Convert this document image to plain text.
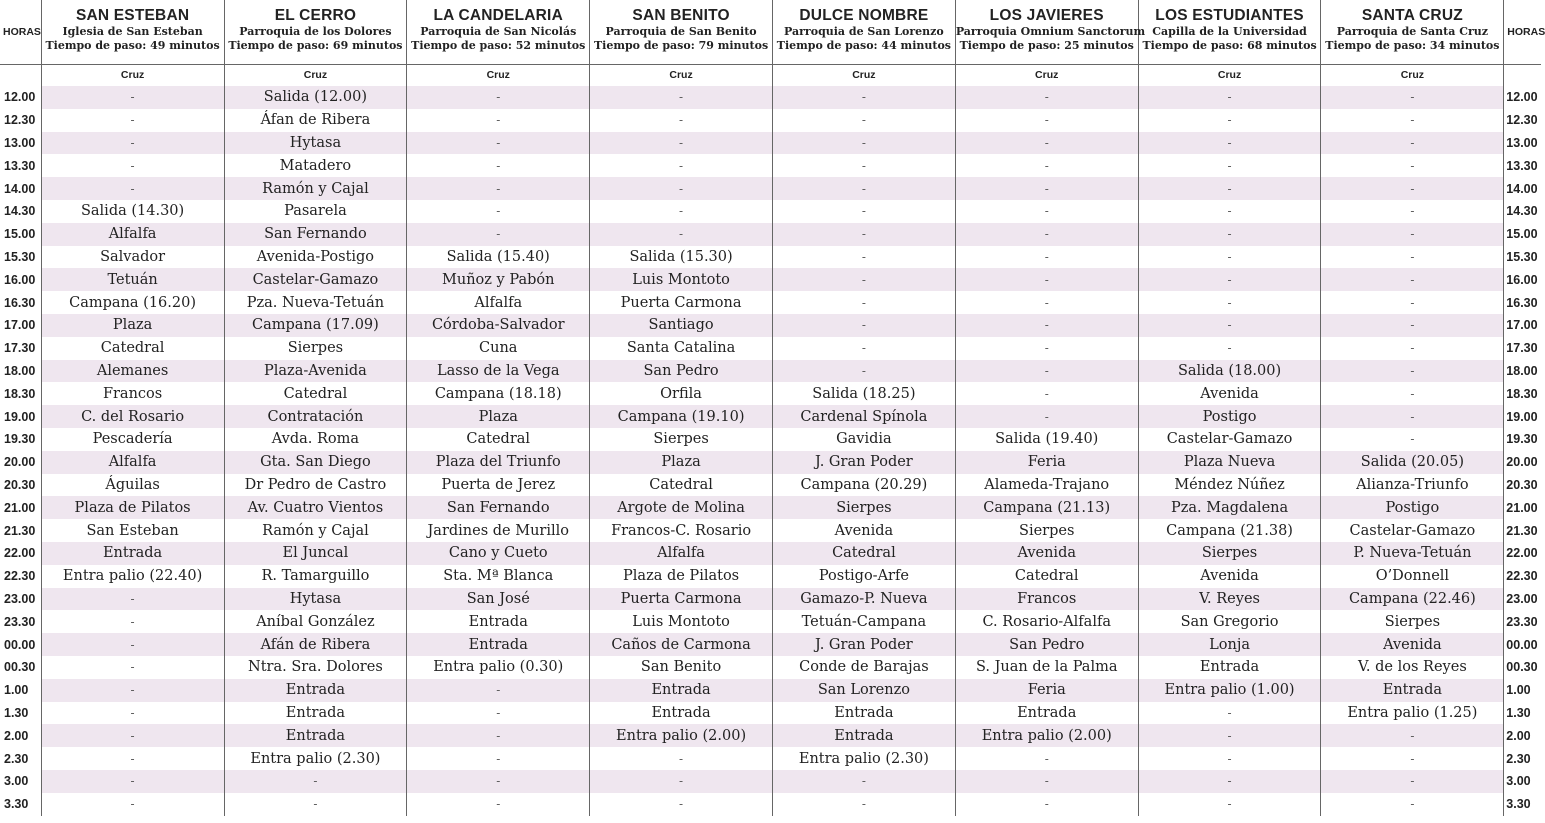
HORAS	SAN ESTEBAN
Iglesia de San Esteban
Tiempo de paso: 49 minutos	EL CERRO
Parroquia de los Dolores
Tiempo de paso: 69 minutos	LA CANDELARIA
Parroquia de San Nicolás
Tiempo de paso: 52 minutos	SAN BENITO
Parroquia de San Benito
Tiempo de paso: 79 minutos	DULCE NOMBRE
Parroquia de San Lorenzo
Tiempo de paso: 44 minutos	LOS JAVIERES
Parroquia Omnium Sanctorum
Tiempo de paso: 25 minutos	LOS ESTUDIANTES
Capilla de la Universidad
Tiempo de paso: 68 minutos	SANTA CRUZ
Parroquia de Santa Cruz
Tiempo de paso: 34 minutos	HORAS
	Cruz	Cruz	Cruz	Cruz	Cruz	Cruz	Cruz	Cruz	
12.00	-	Salida (12.00)	-	-	-	-	-	-	12.00
12.30	-	Áfan de Ribera	-	-	-	-	-	-	12.30
13.00	-	Hytasa	-	-	-	-	-	-	13.00
13.30	-	Matadero	-	-	-	-	-	-	13.30
14.00	-	Ramón y Cajal	-	-	-	-	-	-	14.00
14.30	Salida (14.30)	Pasarela	-	-	-	-	-	-	14.30
15.00	Alfalfa	San Fernando	-	-	-	-	-	-	15.00
15.30	Salvador	Avenida-Postigo	Salida (15.40)	Salida (15.30)	-	-	-	-	15.30
16.00	Tetuán	Castelar-Gamazo	Muñoz y Pabón	Luis Montoto	-	-	-	-	16.00
16.30	Campana (16.20)	Pza. Nueva-Tetuán	Alfalfa	Puerta Carmona	-	-	-	-	16.30
17.00	Plaza	Campana (17.09)	Córdoba-Salvador	Santiago	-	-	-	-	17.00
17.30	Catedral	Sierpes	Cuna	Santa Catalina	-	-	-	-	17.30
18.00	Alemanes	Plaza-Avenida	Lasso de la Vega	San Pedro	-	-	Salida (18.00)	-	18.00
18.30	Francos	Catedral	Campana (18.18)	Orfila	Salida (18.25)	-	Avenida	-	18.30
19.00	C. del Rosario	Contratación	Plaza	Campana (19.10)	Cardenal Spínola	-	Postigo	-	19.00
19.30	Pescadería	Avda. Roma	Catedral	Sierpes	Gavidia	Salida (19.40)	Castelar-Gamazo	-	19.30
20.00	Alfalfa	Gta. San Diego	Plaza del Triunfo	Plaza	J. Gran Poder	Feria	Plaza Nueva	Salida (20.05)	20.00
20.30	Águilas	Dr Pedro de Castro	Puerta de Jerez	Catedral	Campana (20.29)	Alameda-Trajano	Méndez Núñez	Alianza-Triunfo	20.30
21.00	Plaza de Pilatos	Av. Cuatro Vientos	San Fernando	Argote de Molina	Sierpes	Campana (21.13)	Pza. Magdalena	Postigo	21.00
21.30	San Esteban	Ramón y Cajal	Jardines de Murillo	Francos-C. Rosario	Avenida	Sierpes	Campana (21.38)	Castelar-Gamazo	21.30
22.00	Entrada	El Juncal	Cano y Cueto	Alfalfa	Catedral	Avenida	Sierpes	P. Nueva-Tetuán	22.00
22.30	Entra palio (22.40)	R. Tamarguillo	Sta. Mª Blanca	Plaza de Pilatos	Postigo-Arfe	Catedral	Avenida	O’Donnell	22.30
23.00	-	Hytasa	San José	Puerta Carmona	Gamazo-P. Nueva	Francos	V. Reyes	Campana (22.46)	23.00
23.30	-	Aníbal González	Entrada	Luis Montoto	Tetuán-Campana	C. Rosario-Alfalfa	San Gregorio	Sierpes	23.30
00.00	-	Afán de Ribera	Entrada	Caños de Carmona	J. Gran Poder	San Pedro	Lonja	Avenida	00.00
00.30	-	Ntra. Sra. Dolores	Entra palio (0.30)	San Benito	Conde de Barajas	S. Juan de la Palma	Entrada	V. de los Reyes	00.30
1.00	-	Entrada	-	Entrada	San Lorenzo	Feria	Entra palio (1.00)	Entrada	1.00
1.30	-	Entrada	-	Entrada	Entrada	Entrada	-	Entra palio (1.25)	1.30
2.00	-	Entrada	-	Entra palio (2.00)	Entrada	Entra palio (2.00)	-	-	2.00
2.30	-	Entra palio (2.30)	-	-	Entra palio (2.30)	-	-	-	2.30
3.00	-	-	-	-	-	-	-	-	3.00
3.30	-	-	-	-	-	-	-	-	3.30
